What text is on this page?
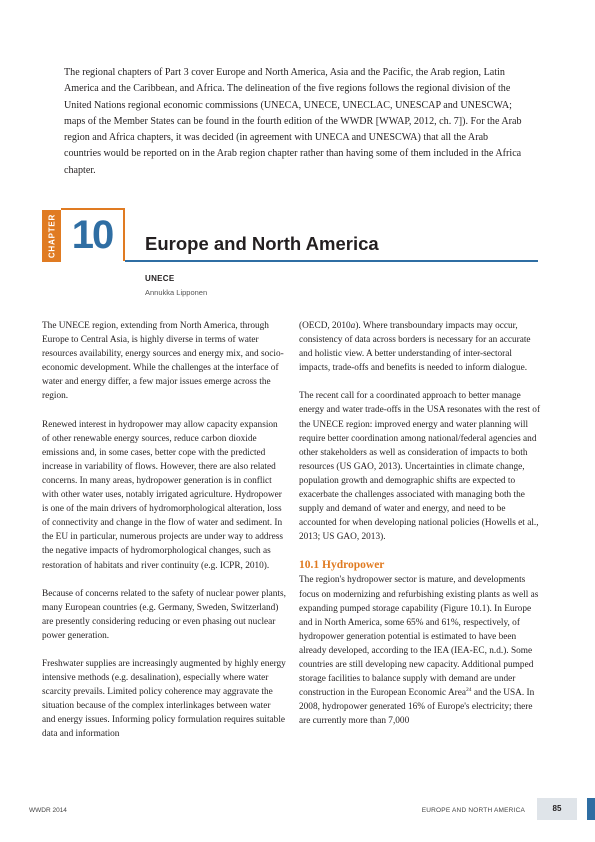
The regional chapters of Part 3 cover Europe and North America, Asia and the Pacific, the Arab region, Latin America and the Caribbean, and Africa. The delineation of the five regions follows the regional division of the United Nations regional economic commissions (UNECA, UNECE, UNECLAC, UNESCAP and UNESCWA; maps of the Member States can be found in the fourth edition of the WWDR [WWAP, 2012, ch. 7]). For the Arab region and Africa chapters, it was decided (in agreement with UNECA and UNESCWA) that all the Arab countries would be reported on in the Arab region chapter rather than having some of them included in the Africa chapter.

CHAPTER 10	Europe and North America
UNECE
Annukka Lipponen

The UNECE region, extending from North America, through Europe to Central Asia, is highly diverse in terms of water resources availability, energy sources and energy mix, and socio-economic development. While the challenges at the interface of water and energy differ, a few major issues emerge across the region.

Renewed interest in hydropower may allow capacity expansion of other renewable energy sources, reduce carbon dioxide emissions and, in some cases, better cope with the predicted increase in variability of flows. However, there are also related concerns. In many areas, hydropower generation is in conflict with other water uses, notably irrigated agriculture. Hydropower is one of the main drivers of hydromorphological alteration, loss of connectivity and change in the flow of water and sediment. In the EU in particular, numerous projects are under way to address the negative impacts of hydromorphological changes, such as restoration of habitats and river continuity (e.g. ICPR, 2010).

Because of concerns related to the safety of nuclear power plants, many European countries (e.g. Germany, Sweden, Switzerland) are presently considering reducing or even phasing out nuclear power generation.

Freshwater supplies are increasingly augmented by highly energy intensive methods (e.g. desalination), especially where water scarcity prevails. Limited policy coherence may aggravate the situation because of the complex interlinkages between water and energy issues. Informing policy formulation requires suitable data and information

(OECD, 2010a). Where transboundary impacts may occur, consistency of data across borders is necessary for an accurate and holistic view. A better understanding of inter-sectoral impacts, trade-offs and benefits is needed to inform dialogue.

The recent call for a coordinated approach to better manage energy and water trade-offs in the USA resonates with the rest of the UNECE region: improved energy and water planning will require better coordination among national/federal agencies and other stakeholders as well as consideration of impacts to both resources (US GAO, 2013). Uncertainties in climate change, population growth and demographic shifts are expected to exacerbate the challenges associated with managing both the supply and demand of water and energy, and need to be accounted for when developing national policies (Howells et al., 2013; US GAO, 2013).

10.1 Hydropower

The region's hydropower sector is mature, and developments focus on modernizing and refurbishing existing plants as well as expanding pumped storage capability (Figure 10.1). In Europe and in North America, some 65% and 61%, respectively, of hydropower generation potential is estimated to have been already developed, according to the IEA (IEA-EC, n.d.). Some countries are still developing new capacity. Additional pumped storage facilities to balance supply with demand are under construction in the European Economic Area$^{24}$ and the USA. In 2008, hydropower generated 16% of Europe's electricity; there are currently more than 7,000

WWDR 2014	EUROPE AND NORTH AMERICA	85
